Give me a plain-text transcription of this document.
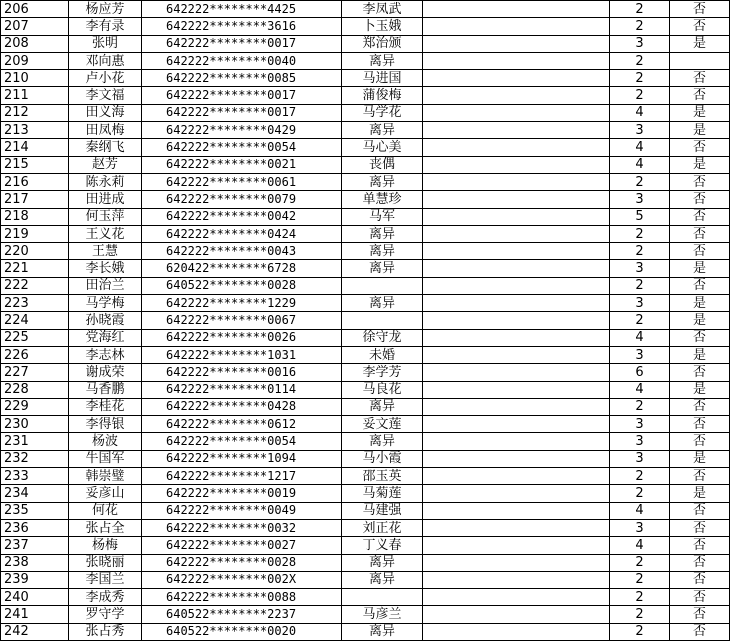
206	杨应芳	642222********4425	李凤武		2	否
207	李有录	642222********3616	卜玉娥		2	否
208	张明	642222********0017	郑治颁		3	是
209	邓向惠	642222********0040	离异		2	
210	卢小花	642222********0085	马进国		2	否
211	李文福	642222********0017	蒲俊梅		2	否
212	田义海	642222********0017	马学花		4	是
213	田凤梅	642222********0429	离异		3	是
214	秦纲飞	642222********0054	马心美		4	否
215	赵芳	642222********0021	丧偶		4	是
216	陈永莉	642222********0061	离异		2	否
217	田进成	642222********0079	单慧珍		3	否
218	何玉萍	642222********0042	马军		5	否
219	王义花	642222********0424	离异		2	否
220	王慧	642222********0043	离异		2	否
221	李长娥	620422********6728	离异		3	是
222	田治兰	640522********0028			2	否
223	马学梅	642222********1229	离异		3	是
224	孙晓霞	642222********0067			2	是
225	党海红	642222********0026	徐守龙		4	否
226	李志林	642222********1031	未婚		3	是
227	谢成荣	642222********0016	李学芳		6	否
228	马香鹏	642222********0114	马良花		4	是
229	李桂花	642222********0428	离异		2	否
230	李得银	642222********0612	妥文莲		3	否
231	杨波	642222********0054	离异		3	否
232	牛国军	642222********1094	马小霞		3	是
233	韩崇璧	642222********1217	邵玉英		2	否
234	妥彦山	642222********0019	马菊莲		2	是
235	何花	642222********0049	马建强		4	否
236	张占全	642222********0032	刘正花		3	否
237	杨梅	642222********0027	丁义春		4	否
238	张晓丽	642222********0028	离异		2	否
239	李国兰	642222********002X	离异		2	否
240	李成秀	642222********0088			2	否
241	罗守学	640522********2237	马彦兰		2	否
242	张占秀	640522********0020	离异		2	否
